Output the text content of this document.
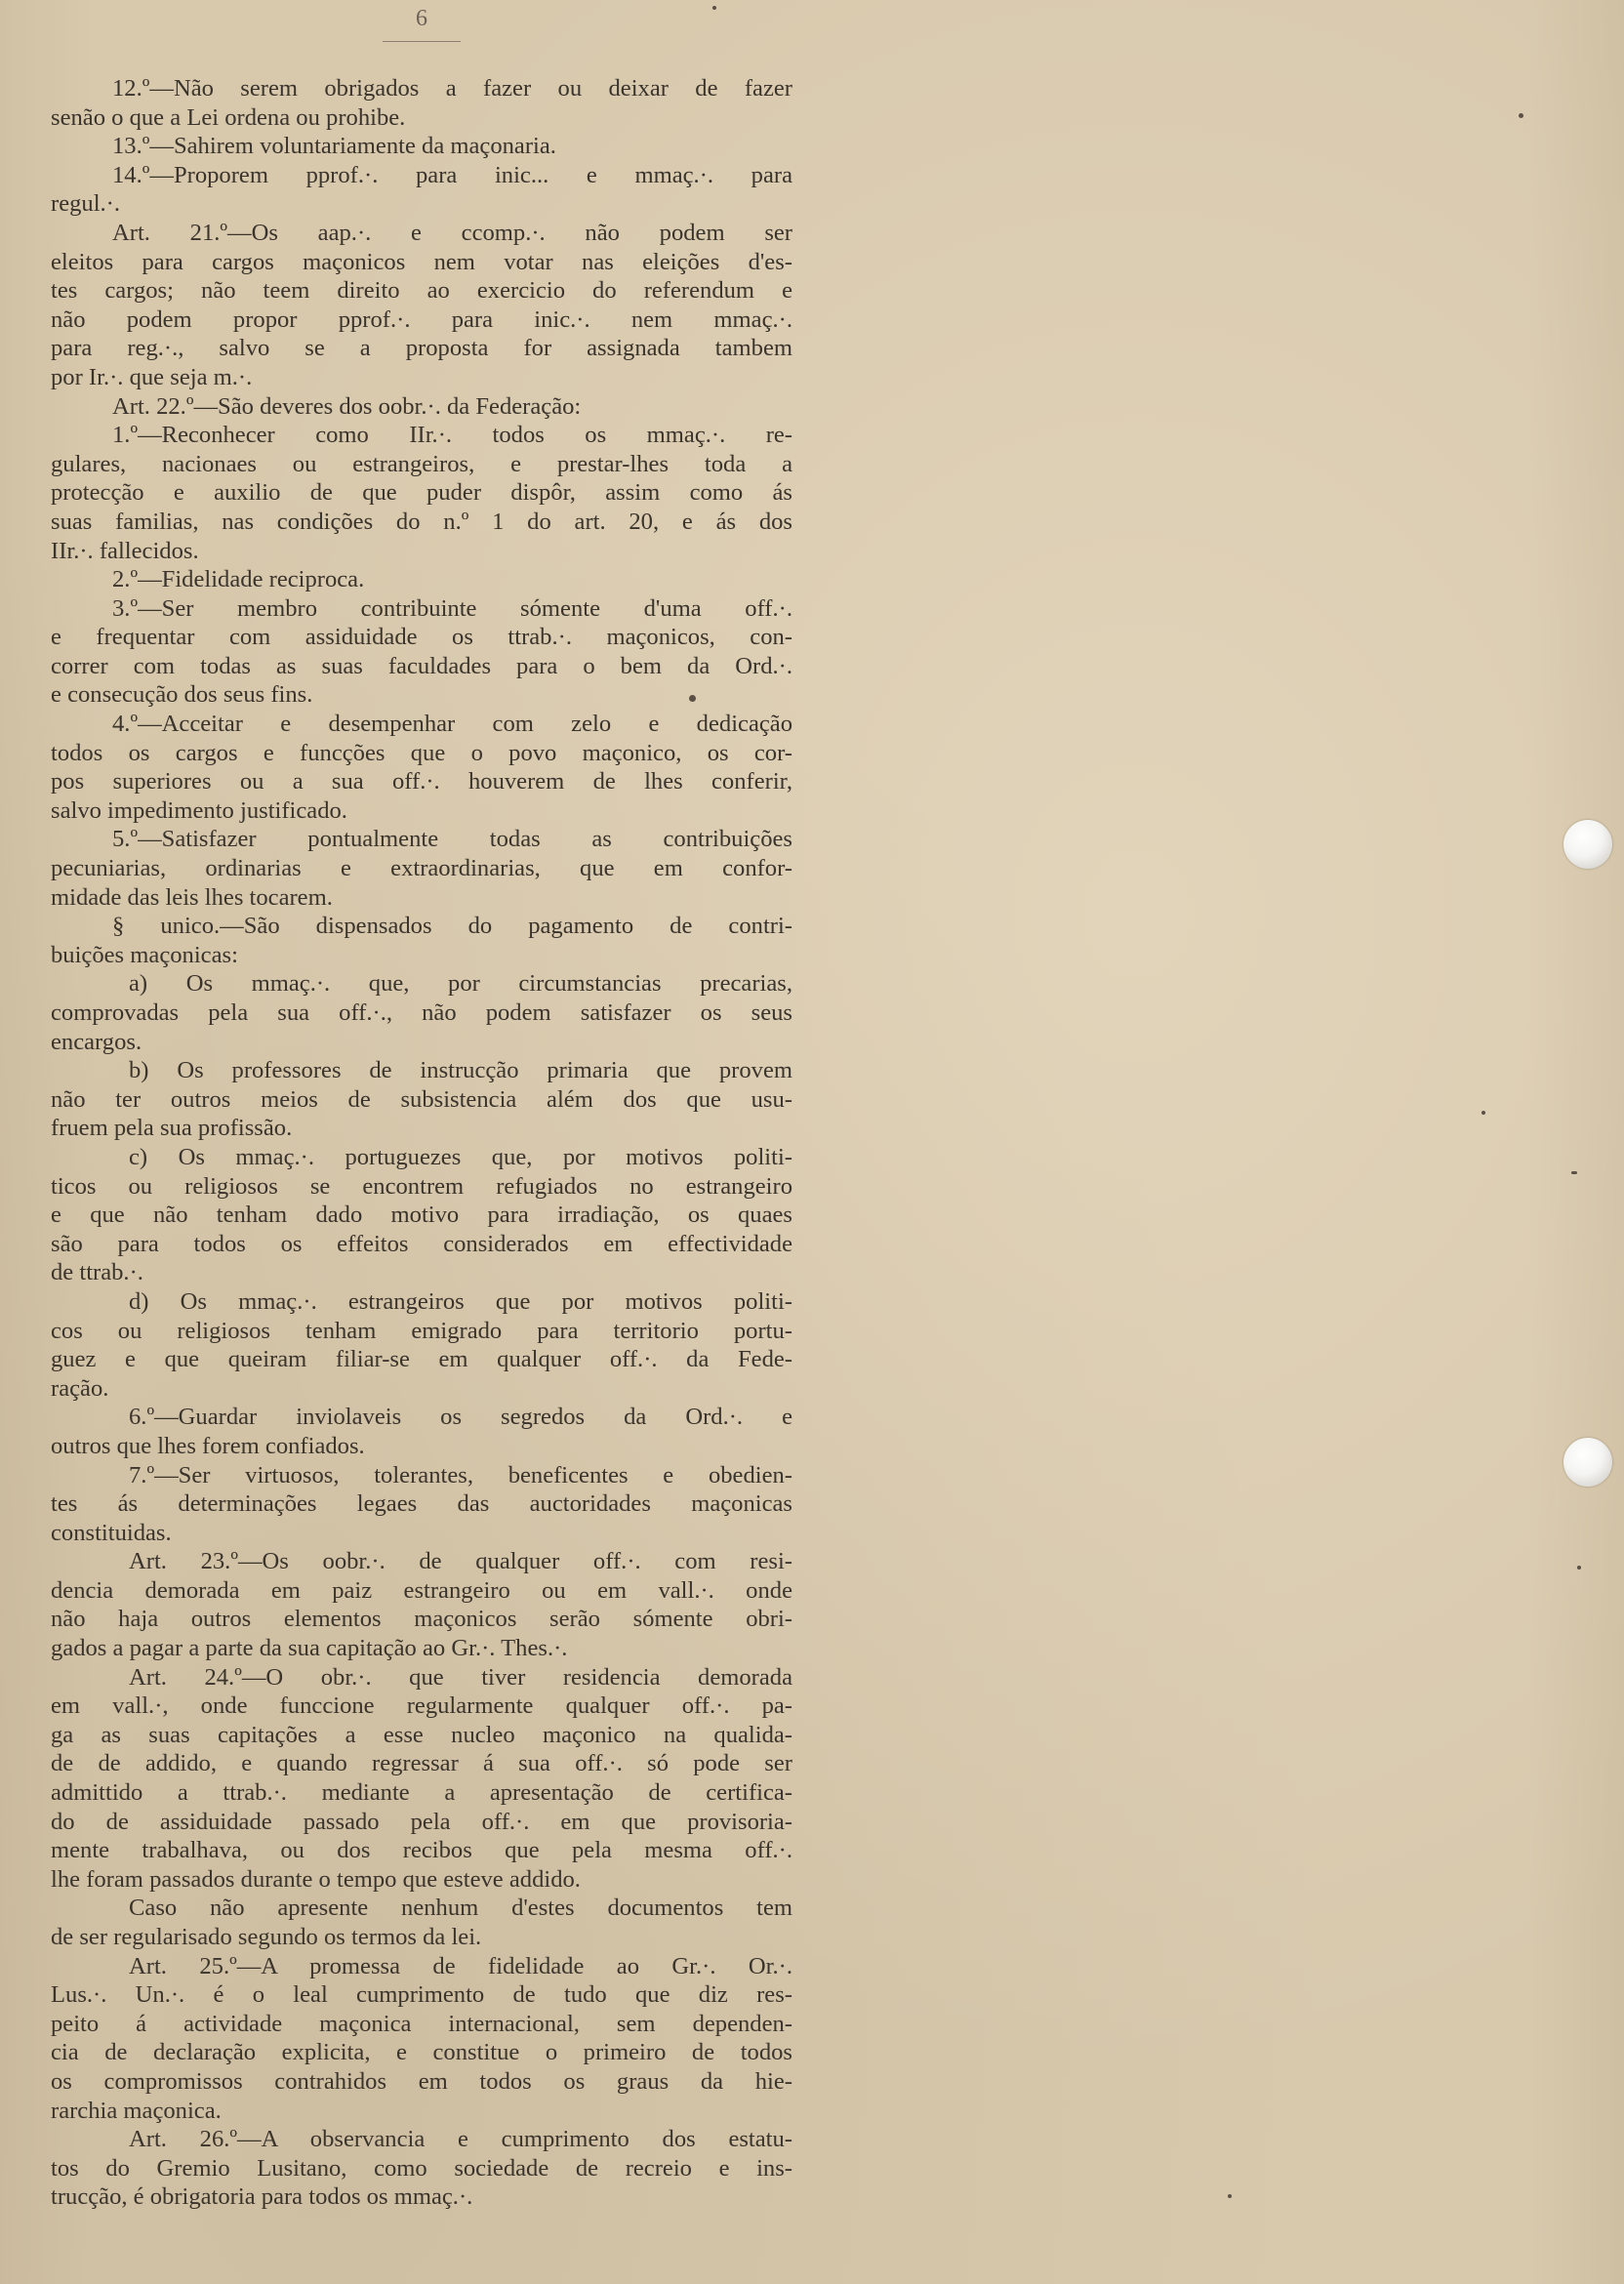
6

12.º—Não serem obrigados a fazer ou deixar de fazer

senão o que a Lei ordena ou prohibe.

13.º—Sahirem voluntariamente da maçonaria.

14.º—Proporem pprof.·. para inic... e mmaç.·. para

regul.·.

Art. 21.º—Os aap.·. e ccomp.·. não podem ser

eleitos para cargos maçonicos nem votar nas eleições d'es-

tes cargos; não teem direito ao exercicio do referendum e

não podem propor pprof.·. para inic.·. nem mmaç.·.

para reg.·., salvo se a proposta for assignada tambem

por Ir.·. que seja m.·.

Art. 22.º—São deveres dos oobr.·. da Federação:

1.º—Reconhecer como IIr.·. todos os mmaç.·. re-

gulares, nacionaes ou estrangeiros, e prestar-lhes toda a

protecção e auxilio de que puder dispôr, assim como ás

suas familias, nas condições do n.º 1 do art. 20, e ás dos

IIr.·. fallecidos.

2.º—Fidelidade reciproca.

3.º—Ser membro contribuinte sómente d'uma off.·.

e frequentar com assiduidade os ttrab.·. maçonicos, con-

correr com todas as suas faculdades para o bem da Ord.·.

e consecução dos seus fins.

4.º—Acceitar e desempenhar com zelo e dedicação

todos os cargos e funcções que o povo maçonico, os cor-

pos superiores ou a sua off.·. houverem de lhes conferir,

salvo impedimento justificado.

5.º—Satisfazer pontualmente todas as contribuições

pecuniarias, ordinarias e extraordinarias, que em confor-

midade das leis lhes tocarem.

§ unico.—São dispensados do pagamento de contri-

buições maçonicas:

a) Os mmaç.·. que, por circumstancias precarias,

comprovadas pela sua off.·., não podem satisfazer os seus

encargos.

b) Os professores de instrucção primaria que provem

não ter outros meios de subsistencia além dos que usu-

fruem pela sua profissão.

c) Os mmaç.·. portuguezes que, por motivos politi-

ticos ou religiosos se encontrem refugiados no estrangeiro

e que não tenham dado motivo para irradiação, os quaes

são para todos os effeitos considerados em effectividade

de ttrab.·.

d) Os mmaç.·. estrangeiros que por motivos politi-

cos ou religiosos tenham emigrado para territorio portu-

guez e que queiram filiar-se em qualquer off.·. da Fede-

ração.

6.º—Guardar inviolaveis os segredos da Ord.·. e

outros que lhes forem confiados.

7.º—Ser virtuosos, tolerantes, beneficentes e obedien-

tes ás determinações legaes das auctoridades maçonicas

constituidas.

Art. 23.º—Os oobr.·. de qualquer off.·. com resi-

dencia demorada em paiz estrangeiro ou em vall.·. onde

não haja outros elementos maçonicos serão sómente obri-

gados a pagar a parte da sua capitação ao Gr.·. Thes.·.

Art. 24.º—O obr.·. que tiver residencia demorada

em vall.·, onde funccione regularmente qualquer off.·. pa-

ga as suas capitações a esse nucleo maçonico na qualida-

de de addido, e quando regressar á sua off.·. só pode ser

admittido a ttrab.·. mediante a apresentação de certifica-

do de assiduidade passado pela off.·. em que provisoria-

mente trabalhava, ou dos recibos que pela mesma off.·.

lhe foram passados durante o tempo que esteve addido.

Caso não apresente nenhum d'estes documentos tem

de ser regularisado segundo os termos da lei.

Art. 25.º—A promessa de fidelidade ao Gr.·. Or.·.

Lus.·. Un.·. é o leal cumprimento de tudo que diz res-

peito á actividade maçonica internacional, sem dependen-

cia de declaração explicita, e constitue o primeiro de todos

os compromissos contrahidos em todos os graus da hie-

rarchia maçonica.

Art. 26.º—A observancia e cumprimento dos estatu-

tos do Gremio Lusitano, como sociedade de recreio e ins-

trucção, é obrigatoria para todos os mmaç.·.
